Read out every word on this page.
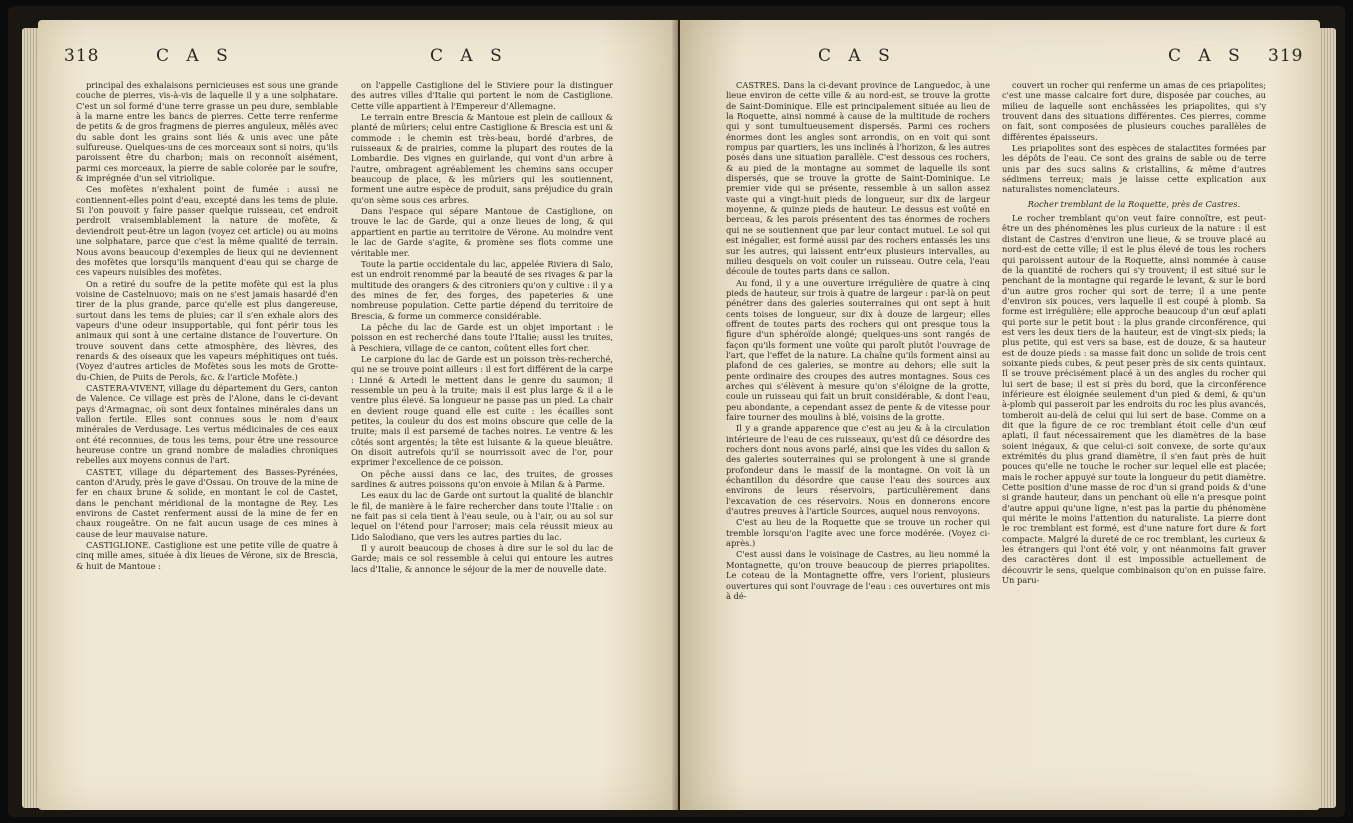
318	C A S	C A S

principal des exhalaisons pernicieuses est sous une grande couche de pierres, vis-à-vis de laquelle il y a une solphatare. C'est un sol formé d'une terre grasse un peu dure, semblable à la marne entre les bancs de pierres. Cette terre renferme de petits & de gros fragmens de pierres anguleux, mêlés avec du sable dont les grains sont liés & unis avec une pâte sulfureuse. Quelques-uns de ces morceaux sont si noirs, qu'ils paroissent être du charbon; mais on reconnoît aisément, parmi ces morceaux, la pierre de sable colorée par le soufre, & imprégnée d'un sel vitriolique.

Ces mofètes n'exhalent point de fumée : aussi ne contiennent-elles point d'eau, excepté dans les tems de pluie. Si l'on pouvoit y faire passer quelque ruisseau, cet endroit perdroit vraisemblablement la nature de mofète, & deviendroit peut-être un lagon (voyez cet article) ou au moins une solphatare, parce que c'est la même qualité de terrain. Nous avons beaucoup d'exemples de lieux qui ne deviennent des mofètes que lorsqu'ils manquent d'eau qui se charge de ces vapeurs nuisibles des mofètes.

On a retiré du soufre de la petite mofète qui est la plus voisine de Castelnuovo; mais on ne s'est jamais hasardé d'en tirer de la plus grande, parce qu'elle est plus dangereuse, surtout dans les tems de pluies; car il s'en exhale alors des vapeurs d'une odeur insupportable, qui font périr tous les animaux qui sont à une certaine distance de l'ouverture. On trouve souvent dans cette atmosphère, des lièvres, des renards & des oiseaux que les vapeurs méphitiques ont tués. (Voyez d'autres articles de Mofètes sous les mots de Grotte-du-Chien, de Puits de Perols, &c. & l'article Mofète.)

CASTERA-VIVENT, village du département du Gers, canton de Valence. Ce village est près de l'Alone, dans le ci-devant pays d'Armagnac, où sont deux fontaines minérales dans un vallon fertile. Elles sont connues sous le nom d'eaux minérales de Verdusage. Les vertus médicinales de ces eaux ont été reconnues, de tous les tems, pour être une ressource heureuse contre un grand nombre de maladies chroniques rebelles aux moyens connus de l'art.

CASTET, village du département des Basses-Pyrénées, canton d'Arudy, près le gave d'Ossau. On trouve de la mine de fer en chaux brune & solide, en montant le col de Castet, dans le penchant méridional de la montagne de Rey. Les environs de Castet renferment aussi de la mine de fer en chaux rougeâtre. On ne fait aucun usage de ces mines à cause de leur mauvaise nature.

CASTIGLIONE. Castiglione est une petite ville de quatre à cinq mille ames, située à dix lieues de Vérone, six de Brescia, & huit de Mantoue :

on l'appelle Castiglione del le Stiviere pour la distinguer des autres villes d'Italie qui portent le nom de Castiglione. Cette ville appartient à l'Empereur d'Allemagne.

Le terrain entre Brescia & Mantoue est plein de cailloux & planté de mûriers; celui entre Castiglione & Brescia est uni & commode : le chemin est très-beau, bordé d'arbres, de ruisseaux & de prairies, comme la plupart des routes de la Lombardie. Des vignes en guirlande, qui vont d'un arbre à l'autre, ombragent agréablement les chemins sans occuper beaucoup de place, & les mûriers qui les soutiennent, forment une autre espèce de produit, sans préjudice du grain qu'on sème sous ces arbres.

Dans l'espace qui sépare Mantoue de Castiglione, on trouve le lac de Garde, qui a onze lieues de long, & qui appartient en partie au territoire de Vérone. Au moindre vent le lac de Garde s'agite, & promène ses flots comme une véritable mer.

Toute la partie occidentale du lac, appelée Riviera di Salo, est un endroit renommé par la beauté de ses rivages & par la multitude des orangers & des citroniers qu'on y cultive : il y a des mines de fer, des forges, des papeteries & une nombreuse population. Cette partie dépend du territoire de Brescia, & forme un commerce considérable.

La pêche du lac de Garde est un objet important : le poisson en est recherché dans toute l'Italie; aussi les truites, à Peschiera, village de ce canton, coûtent elles fort cher.

Le carpione du lac de Garde est un poisson très-recherché, qui ne se trouve point ailleurs : il est fort différent de la carpe : Linné & Artedi le mettent dans le genre du saumon; il ressemble un peu à la truite; mais il est plus large & il a le ventre plus élevé. Sa longueur ne passe pas un pied. La chair en devient rouge quand elle est cuite : les écailles sont petites, la couleur du dos est moins obscure que celle de la truite; mais il est parsemé de taches noires. Le ventre & les côtés sont argentés; la tête est luisante & la queue bleuâtre. On disoit autrefois qu'il se nourrissoit avec de l'or, pour exprimer l'excellence de ce poisson.

On pêche aussi dans ce lac, des truites, de grosses sardines & autres poissons qu'on envoie à Milan & à Parme.

Les eaux du lac de Garde ont surtout la qualité de blanchir le fil, de manière à le faire rechercher dans toute l'Italie : on ne fait pas si cela tient à l'eau seule, ou à l'air, ou au sol sur lequel on l'étend pour l'arroser; mais cela réussit mieux au Lido Salodiano, que vers les autres parties du lac.

Il y auroit beaucoup de choses à dire sur le sol du lac de Garde; mais ce sol ressemble à celui qui entoure les autres lacs d'Italie, & annonce le séjour de la mer de nouvelle date.

C A S	C A S 319

CASTRES. Dans la ci-devant province de Languedoc, à une lieue environ de cette ville & au nord-est, se trouve la grotte de Saint-Dominique. Elle est principalement située au lieu de la Roquette, ainsi nommé à cause de la multitude de rochers qui y sont tumultueusement dispersés. Parmi ces rochers énormes dont les angles sont arrondis, on en voit qui sont rompus par quartiers, les uns inclinés à l'horizon, & les autres posés dans une situation parallèle. C'est dessous ces rochers, & au pied de la montagne au sommet de laquelle ils sont dispersés, que se trouve la grotte de Saint-Dominique. Le premier vide qui se présente, ressemble à un sallon assez vaste qui a vingt-huit pieds de longueur, sur dix de largeur moyenne, & quinze pieds de hauteur. Le dessus est voûté en berceau, & les parois présentent des tas énormes de rochers qui ne se soutiennent que par leur contact mutuel. Le sol qui est inégalier, est formé aussi par des rochers entassés les uns sur les autres, qui laissent entr'eux plusieurs intervalles, au milieu desquels on voit couler un ruisseau. Outre cela, l'eau découle de toutes parts dans ce sallon.

Au fond, il y a une ouverture irrégulière de quatre à cinq pieds de hauteur, sur trois à quatre de largeur : par-là on peut pénétrer dans des galeries souterraines qui ont sept à huit cents toises de longueur, sur dix à douze de largeur; elles offrent de toutes parts des rochers qui ont presque tous la figure d'un sphéroïde alongé; quelques-uns sont rangés de façon qu'ils forment une voûte qui paroît plutôt l'ouvrage de l'art, que l'effet de la nature. La chaîne qu'ils forment ainsi au plafond de ces galeries, se montre au dehors; elle suit la pente ordinaire des croupes des autres montagnes. Sous ces arches qui s'élèvent à mesure qu'on s'éloigne de la grotte, coule un ruisseau qui fait un bruit considérable, & dont l'eau, peu abondante, a cependant assez de pente & de vitesse pour faire tourner des moulins à blé, voisins de la grotte.

Il y a grande apparence que c'est au jeu & à la circulation intérieure de l'eau de ces ruisseaux, qu'est dû ce désordre des rochers dont nous avons parlé, ainsi que les vides du sallon & des galeries souterraines qui se prolongent à une si grande profondeur dans le massif de la montagne. On voit là un échantillon du désordre que cause l'eau des sources aux environs de leurs réservoirs, particulièrement dans l'excavation de ces réservoirs. Nous en donnerons encore d'autres preuves à l'article Sources, auquel nous renvoyons.

C'est au lieu de la Roquette que se trouve un rocher qui tremble lorsqu'on l'agite avec une force modérée. (Voyez ci-après.)

C'est aussi dans le voisinage de Castres, au lieu nommé la Montagnette, qu'on trouve beaucoup de pierres priapolites. Le coteau de la Montagnette offre, vers l'orient, plusieurs ouvertures qui sont l'ouvrage de l'eau : ces ouvertures ont mis à dé-

couvert un rocher qui renferme un amas de ces priapolites; c'est une masse calcaire fort dure, disposée par couches, au milieu de laquelle sont enchâssées les priapolites, qui s'y trouvent dans des situations différentes. Ces pierres, comme on fait, sont composées de plusieurs couches parallèles de différentes épaisseurs.

Les priapolites sont des espèces de stalactites formées par les dépôts de l'eau. Ce sont des grains de sable ou de terre unis par des sucs salins & cristallins, & même d'autres sédimens terreux; mais je laisse cette explication aux naturalistes nomenclateurs.

Rocher tremblant de la Roquette, près de Castres.

Le rocher tremblant qu'on veut faire connoître, est peut-être un des phénomènes les plus curieux de la nature : il est distant de Castres d'environ une lieue, & se trouve placé au nord-est de cette ville; il est le plus élevé de tous les rochers qui paroissent autour de la Roquette, ainsi nommée à cause de la quantité de rochers qui s'y trouvent; il est situé sur le penchant de la montagne qui regarde le levant, & sur le bord d'un autre gros rocher qui sort de terre; il a une pente d'environ six pouces, vers laquelle il est coupé à plomb. Sa forme est irrégulière; elle approche beaucoup d'un œuf aplati qui porte sur le petit bout : la plus grande circonférence, qui est vers les deux tiers de la hauteur, est de vingt-six pieds; la plus petite, qui est vers sa base, est de douze, & sa hauteur est de douze pieds : sa masse fait donc un solide de trois cent soixante pieds cubes, & peut peser près de six cents quintaux. Il se trouve précisément placé à un des angles du rocher qui lui sert de base; il est si près du bord, que la circonférence inférieure est éloignée seulement d'un pied & demi, & qu'un à-plomb qui passeroit par les endroits du roc les plus avancés, tomberoit au-delà de celui qui lui sert de base. Comme on a dit que la figure de ce roc tremblant étoit celle d'un œuf aplati, il faut nécessairement que les diamètres de la base soient inégaux, & que celui-ci soit convexe, de sorte qu'aux extrémités du plus grand diamètre, il s'en faut près de huit pouces qu'elle ne touche le rocher sur lequel elle est placée; mais le rocher appuyé sur toute la longueur du petit diamètre. Cette position d'une masse de roc d'un si grand poids & d'une si grande hauteur, dans un penchant où elle n'a presque point d'autre appui qu'une ligne, n'est pas la partie du phénomène qui mérite le moins l'attention du naturaliste. La pierre dont le roc tremblant est formé, est d'une nature fort dure & fort compacte. Malgré la dureté de ce roc tremblant, les curieux & les étrangers qui l'ont été voir, y ont néanmoins fait graver des caractères dont il est impossible actuellement de découvrir le sens, quelque combinaison qu'on en puisse faire. Un paru-
